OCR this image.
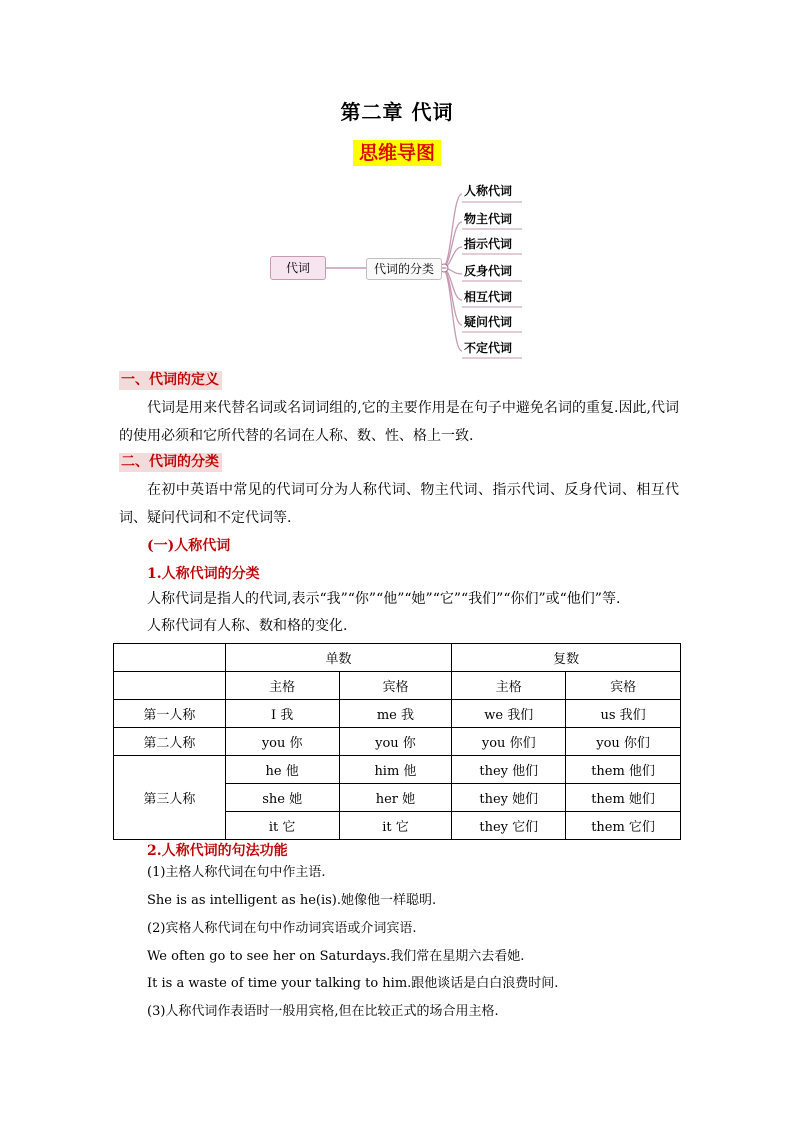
第二章 代词
思维导图
代词	代词的分类
人称代词
物主代词
指示代词
反身代词
相互代词
疑问代词
不定代词
一、代词的定义
代词是用来代替名词或名词词组的,它的主要作用是在句子中避免名词的重复.因此,代词的使用必须和它所代替的名词在人称、数、性、格上一致.
二、代词的分类
在初中英语中常见的代词可分为人称代词、物主代词、指示代词、反身代词、相互代词、疑问代词和不定代词等.
(一)人称代词
1.人称代词的分类
人称代词是指人的代词,表示“我”“你”“他”“她”“它”“我们”“你们”或“他们”等.
人称代词有人称、数和格的变化.
	单数		复数	
	主格	宾格	主格	宾格
第一人称	I 我	me 我	we 我们	us 我们
第二人称	you 你	you 你	you 你们	you 你们
第三人称	he 他	him 他	they 他们	them 他们
	she 她	her 她	they 她们	them 她们
	it 它	it 它	they 它们	them 它们
2.人称代词的句法功能
(1)主格人称代词在句中作主语.
She is as intelligent as he(is).她像他一样聪明.
(2)宾格人称代词在句中作动词宾语或介词宾语.
We often go to see her on Saturdays.我们常在星期六去看她.
It is a waste of time your talking to him.跟他谈话是白白浪费时间.
(3)人称代词作表语时一般用宾格,但在比较正式的场合用主格.
